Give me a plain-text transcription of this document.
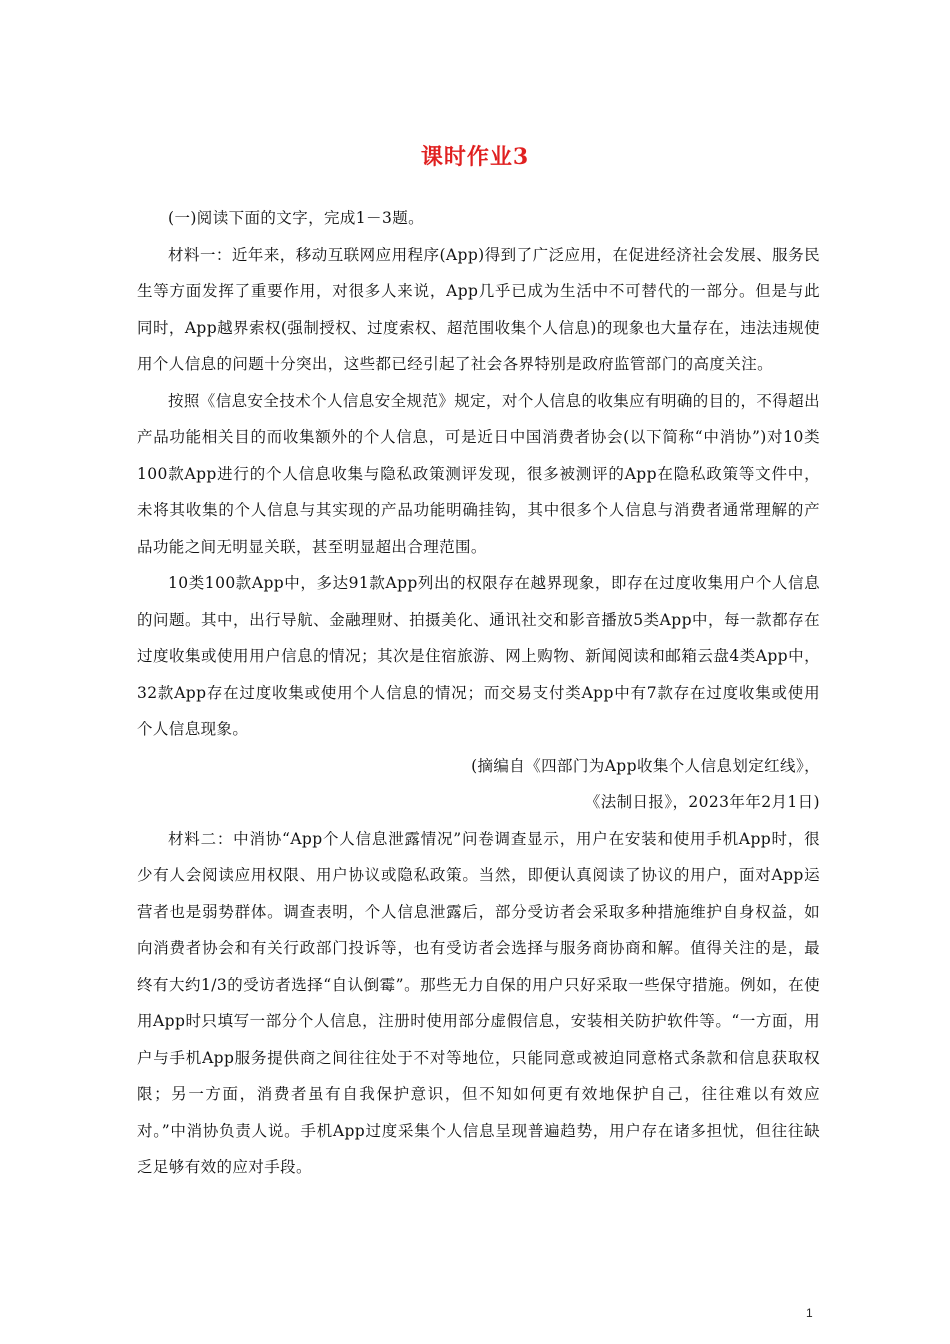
课时作业3

(一)阅读下面的文字，完成1－3题。

材料一：近年来，移动互联网应用程序(App)得到了广泛应用，在促进经济社会发展、服务民生等方面发挥了重要作用，对很多人来说，App几乎已成为生活中不可替代的一部分。但是与此同时，App越界索权(强制授权、过度索权、超范围收集个人信息)的现象也大量存在，违法违规使用个人信息的问题十分突出，这些都已经引起了社会各界特别是政府监管部门的高度关注。

按照《信息安全技术个人信息安全规范》规定，对个人信息的收集应有明确的目的，不得超出产品功能相关目的而收集额外的个人信息，可是近日中国消费者协会(以下简称“中消协”)对10类100款App进行的个人信息收集与隐私政策测评发现，很多被测评的App在隐私政策等文件中，未将其收集的个人信息与其实现的产品功能明确挂钩，其中很多个人信息与消费者通常理解的产品功能之间无明显关联，甚至明显超出合理范围。

10类100款App中，多达91款App列出的权限存在越界现象，即存在过度收集用户个人信息的问题。其中，出行导航、金融理财、拍摄美化、通讯社交和影音播放5类App中，每一款都存在过度收集或使用用户信息的情况；其次是住宿旅游、网上购物、新闻阅读和邮箱云盘4类App中，32款App存在过度收集或使用个人信息的情况；而交易支付类App中有7款存在过度收集或使用个人信息现象。

(摘编自《四部门为App收集个人信息划定红线》，

《法制日报》，2023年年2月1日)

材料二：中消协“App个人信息泄露情况”问卷调查显示，用户在安装和使用手机App时，很少有人会阅读应用权限、用户协议或隐私政策。当然，即便认真阅读了协议的用户，面对App运营者也是弱势群体。调查表明，个人信息泄露后，部分受访者会采取多种措施维护自身权益，如向消费者协会和有关行政部门投诉等，也有受访者会选择与服务商协商和解。值得关注的是，最终有大约1/3的受访者选择“自认倒霉”。那些无力自保的用户只好采取一些保守措施。例如，在使用App时只填写一部分个人信息，注册时使用部分虚假信息，安装相关防护软件等。“一方面，用户与手机App服务提供商之间往往处于不对等地位，只能同意或被迫同意格式条款和信息获取权限；另一方面，消费者虽有自我保护意识，但不知如何更有效地保护自己，往往难以有效应对。”中消协负责人说。手机App过度采集个人信息呈现普遍趋势，用户存在诸多担忧，但往往缺乏足够有效的应对手段。

1
